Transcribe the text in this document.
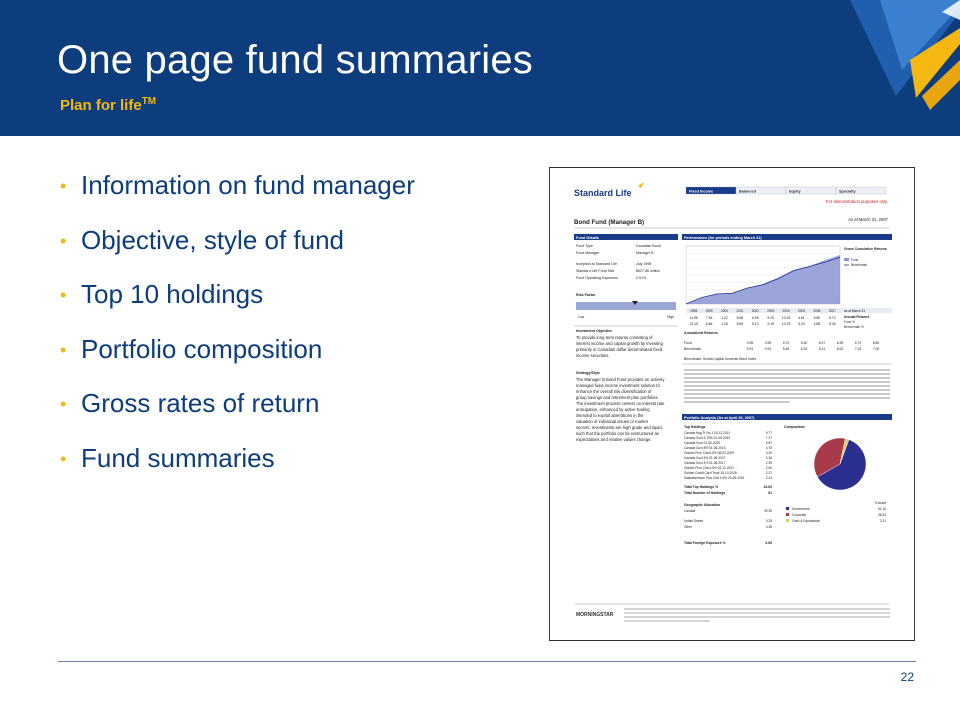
One page fund summaries
Plan for life™
• Information on fund manager
• Objective, style of fund
• Top 10 holdings
• Portfolio composition
• Gross rates of return
• Fund summaries
Standard Life	Fixed Income	Balanced	Equity	Specialty
For demonstration purposes only.
Bond Fund (Manager B)	As at March 31, 2007
Fund Details
Fund Type	Canadian Bond
Fund Manager	Manager B
Inception at Standard Life	July 1998
Standard Life Fund Size	$627.86 million
Fund Operating Expenses	0.01%
Risk Factor
Low	High
Investment Objective
To provide long term returns consisting of
interest income and capital growth by investing
primarily in Canadian dollar denominated fixed
income securities.
Strategy/Style
The Manager B Bond Fund provides an actively
managed fixed income investment solution to
enhance the overall risk diversification of
group savings and retirement plan portfolios.
The investment process centers on interest rate
anticipation, enhanced by active trading
intended to exploit aberrations in the
valuation of individual issues or market
sectors. Investments are high grade and liquid,
such that the portfolio can be restructured as
expectations and relative values change.
Performance (for periods ending March 31)
Gross Cumulative Returns
Fund
Benchmark
1998	1999	2000	2001	2002	2003	2004	2005	2006	2007	as at March 31
11.95 7.56	1.22	8.88	6.65	9.26 10.26 4.61	6.80	5.70
13.15 6.66	1.26	8.89	5.10	9.15 10.78 5.03	4.88	5.46
Annual Returns
Fund %
Benchmark %
Annualized Returns
Fund
Benchmark
0.96	0.96	5.70	5.30	5.07	6.35	6.73	6.80
0.91	0.91	5.46	5.16	5.11	6.53	7.03	7.00
Benchmark: Scotia Capital Universe Bond Index
Portfolio Analysis (As at April 30, 2007)
Top Holdings
Canada Hsg Tr No 1 15-12-2011	9.77
Canada Govt 5.75% 01-06-2033	7.37
Canada Govt 01-06-2029	5.87
Canada Govt 8% 01-06-2016	4.76
Ontario Prov Cda 6.5% 08-03-2029	3.40
Canada Govt 5% 01-06-2037	3.36
Canada Govt 4% 01-06-2017	2.95
Ontario Prov Cda 4.5% 02-12-2021	2.60
Golden Credit Card Trust 15-10-2008	2.37
Saskatchewan Prov Cda 4.5% 23-08-2016	2.24
Total Top Holdings %	44.63
Total Number of Holdings	81
Geographic Allocation
Canada	99.35
United States	0.29
Other	0.36
Total Foreign Exposure %	0.65
Composition
% Asset
Government	61.16
Corporate	36.53
Cash & Equivalents	2.31
MORNINGSTAR
22
